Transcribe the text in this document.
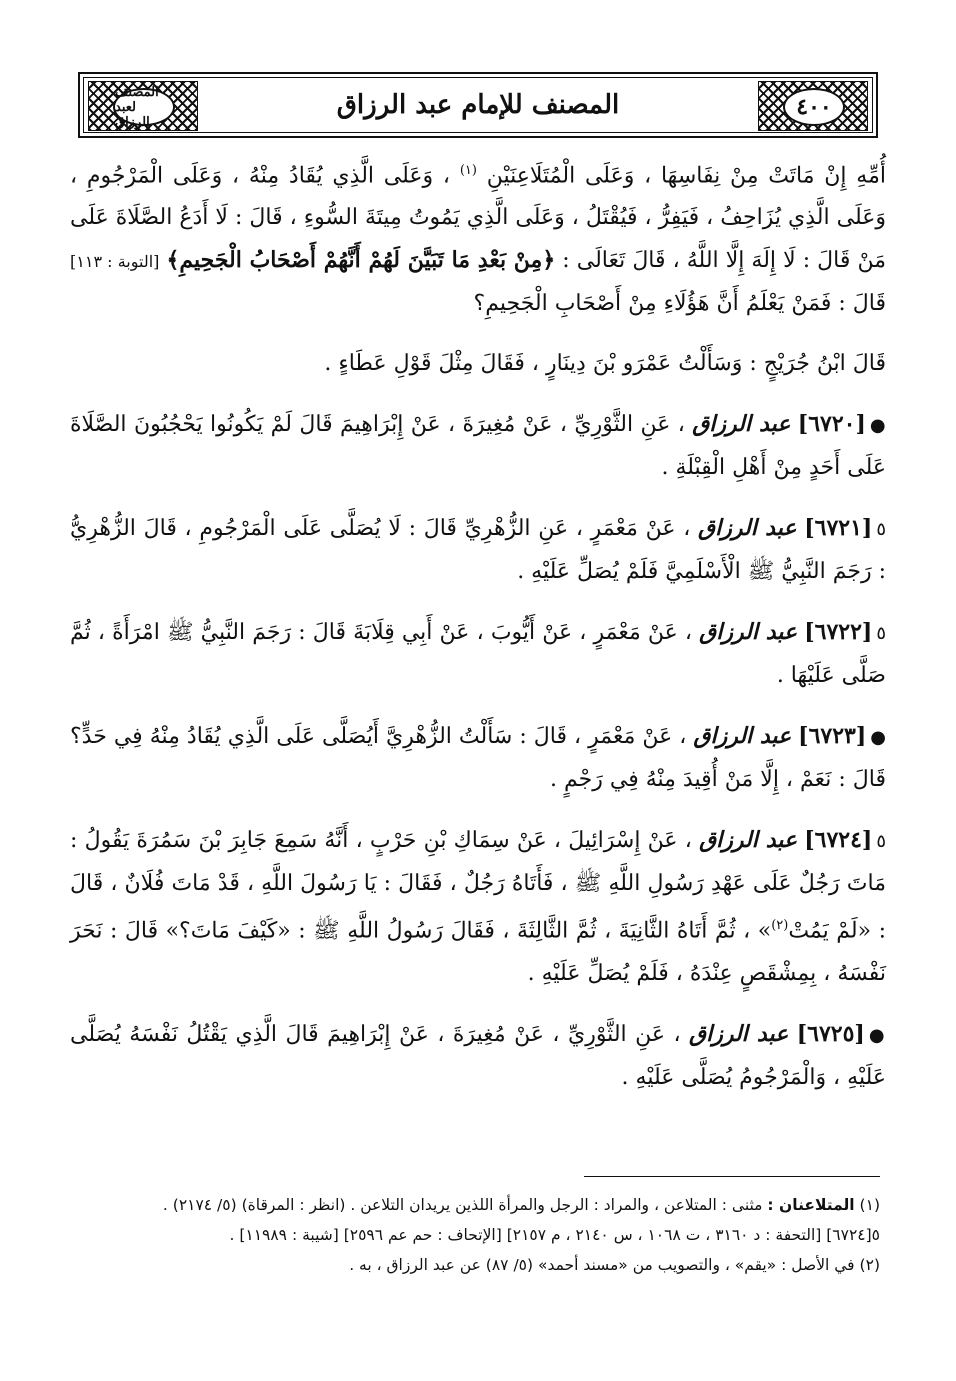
المصنف لعبد الرزاق
المصنف للإمام عبد الرزاق	٤٠٠

أُمِّهِ إِنْ مَاتَتْ مِنْ نِفَاسِهَا ، وَعَلَى الْمُتَلَاعِنَيْنِ $^{(١)}$ ، وَعَلَى الَّذِي يُقَادُ مِنْهُ ، وَعَلَى الْمَرْجُومِ ، وَعَلَى الَّذِي يُزَاحِفُ ، فَيَفِرُّ ، فَيُقْتَلُ ، وَعَلَى الَّذِي يَمُوتُ مِيتَةَ السُّوءِ ، قَالَ : لَا أَدَعُ الصَّلَاةَ عَلَى مَنْ قَالَ : لَا إِلَهَ إِلَّا اللَّهُ ، قَالَ تَعَالَى : ﴿مِنْ بَعْدِ مَا تَبَيَّنَ لَهُمْ أَنَّهُمْ أَصْحَابُ الْجَحِيمِ﴾ [التوبة : ١١٣] قَالَ : فَمَنْ يَعْلَمُ أَنَّ هَؤُلَاءِ مِنْ أَصْحَابِ الْجَحِيمِ؟

قَالَ ابْنُ جُرَيْجٍ : وَسَأَلْتُ عَمْرَو بْنَ دِينَارٍ ، فَقَالَ مِثْلَ قَوْلِ عَطَاءٍ .

●[٦٧٢٠] عبد الرزاق ، عَنِ الثَّوْرِيِّ ، عَنْ مُغِيرَةَ ، عَنْ إِبْرَاهِيمَ قَالَ لَمْ يَكُونُوا يَحْجُبُونَ الصَّلَاةَ عَلَى أَحَدٍ مِنْ أَهْلِ الْقِبْلَةِ .

٥[٦٧٢١] عبد الرزاق ، عَنْ مَعْمَرٍ ، عَنِ الزُّهْرِيِّ قَالَ : لَا يُصَلَّى عَلَى الْمَرْجُومِ ، قَالَ الزُّهْرِيُّ : رَجَمَ النَّبِيُّ ﷺ الْأَسْلَمِيَّ فَلَمْ يُصَلِّ عَلَيْهِ .

٥[٦٧٢٢] عبد الرزاق ، عَنْ مَعْمَرٍ ، عَنْ أَيُّوبَ ، عَنْ أَبِي قِلَابَةَ قَالَ : رَجَمَ النَّبِيُّ ﷺ امْرَأَةً ، ثُمَّ صَلَّى عَلَيْهَا .

●[٦٧٢٣] عبد الرزاق ، عَنْ مَعْمَرٍ ، قَالَ : سَأَلْتُ الزُّهْرِيَّ أَيُصَلَّى عَلَى الَّذِي يُقَادُ مِنْهُ فِي حَدٍّ؟ قَالَ : نَعَمْ ، إِلَّا مَنْ أُقِيدَ مِنْهُ فِي رَجْمٍ .

٥[٦٧٢٤] عبد الرزاق ، عَنْ إِسْرَائِيلَ ، عَنْ سِمَاكِ بْنِ حَرْبٍ ، أَنَّهُ سَمِعَ جَابِرَ بْنَ سَمُرَةَ يَقُولُ : مَاتَ رَجُلٌ عَلَى عَهْدِ رَسُولِ اللَّهِ ﷺ ، فَأَتَاهُ رَجُلٌ ، فَقَالَ : يَا رَسُولَ اللَّهِ ، قَدْ مَاتَ فُلَانٌ ، قَالَ : «لَمْ يَمُتْ$^{(٢)}$» ، ثُمَّ أَتَاهُ الثَّانِيَةَ ، ثُمَّ الثَّالِثَةَ ، فَقَالَ رَسُولُ اللَّهِ ﷺ : «كَيْفَ مَاتَ؟» قَالَ : نَحَرَ نَفْسَهُ ، بِمِشْقَصٍ عِنْدَهُ ، فَلَمْ يُصَلِّ عَلَيْهِ .

●[٦٧٢٥] عبد الرزاق ، عَنِ الثَّوْرِيِّ ، عَنْ مُغِيرَةَ ، عَنْ إِبْرَاهِيمَ قَالَ الَّذِي يَقْتُلُ نَفْسَهُ يُصَلَّى عَلَيْهِ ، وَالْمَرْجُومُ يُصَلَّى عَلَيْهِ .

(١) المتلاعنان : مثنى : المتلاعن ، والمراد : الرجل والمرأة اللذين يريدان التلاعن . (انظر : المرقاة) (٥/ ٢١٧٤) .

٥[٦٧٢٤] [التحفة : د ٣١٦٠ ، ت ١٠٦٨ ، س ٢١٤٠ ، م ٢١٥٧] [الإتحاف : حم عم ٢٥٩٦] [شيبة : ١١٩٨٩] .

(٢) في الأصل : «يقم» ، والتصويب من «مسند أحمد» (٥/ ٨٧) عن عبد الرزاق ، به .
